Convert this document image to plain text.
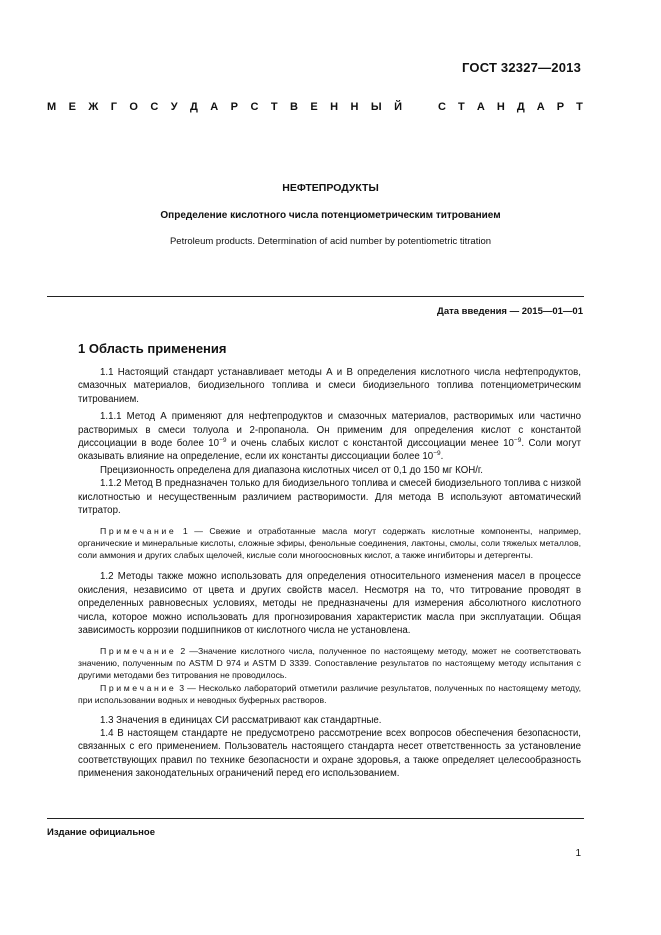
ГОСТ 32327—2013
М Е Ж Г О С У Д А Р С Т В Е Н Н Ы Й	С Т А Н Д А Р Т
НЕФТЕПРОДУКТЫ
Определение кислотного числа потенциометрическим титрованием
Petroleum products. Determination of acid number by potentiometric titration
Дата введения — 2015—01—01
1 Область применения

1.1 Настоящий стандарт устанавливает методы А и В определения кислотного числа нефтепродуктов, смазочных материалов, биодизельного топлива и смеси биодизельного топлива потенциометрическим титрованием.

1.1.1 Метод А применяют для нефтепродуктов и смазочных материалов, растворимых или частично растворимых в смеси толуола и 2-пропанола. Он применим для определения кислот с константой диссоциации в воде более $10^{-9}$ и очень слабых кислот с константой диссоциации менее $10^{-9}$. Соли могут оказывать влияние на определение, если их константы диссоциации более $10^{-9}$.

Прецизионность определена для диапазона кислотных чисел от 0,1 до 150 мг КОН/г.

1.1.2 Метод В предназначен только для биодизельного топлива и смесей биодизельного топлива с низкой кислотностью и несущественным различием растворимости. Для метода В используют автоматический титратор.

Примечание 1 — Свежие и отработанные масла могут содержать кислотные компоненты, например, органические и минеральные кислоты, сложные эфиры, фенольные соединения, лактоны, смолы, соли тяжелых металлов, соли аммония и других слабых щелочей, кислые соли многоосновных кислот, а также ингибиторы и детергенты.

1.2 Методы также можно использовать для определения относительного изменения масел в процессе окисления, независимо от цвета и других свойств масел. Несмотря на то, что титрование проводят в определенных равновесных условиях, методы не предназначены для измерения абсолютного кислотного числа, которое можно использовать для прогнозирования характеристик масла при эксплуатации. Общая зависимость коррозии подшипников от кислотного числа не установлена.

Примечание 2 —Значение кислотного числа, полученное по настоящему методу, может не соответствовать значению, полученным по ASTM D 974 и ASTM D 3339. Сопоставление результатов по настоящему методу испытания с другими методами без титрования не проводилось.

Примечание 3 — Несколько лабораторий отметили различие результатов, полученных по настоящему методу, при использовании водных и неводных буферных растворов.

1.3 Значения в единицах СИ рассматривают как стандартные.

1.4 В настоящем стандарте не предусмотрено рассмотрение всех вопросов обеспечения безопасности, связанных с его применением. Пользователь настоящего стандарта несет ответственность за установление соответствующих правил по технике безопасности и охране здоровья, а также определяет целесообразность применения законодательных ограничений перед его использованием.

Издание официальное
1
